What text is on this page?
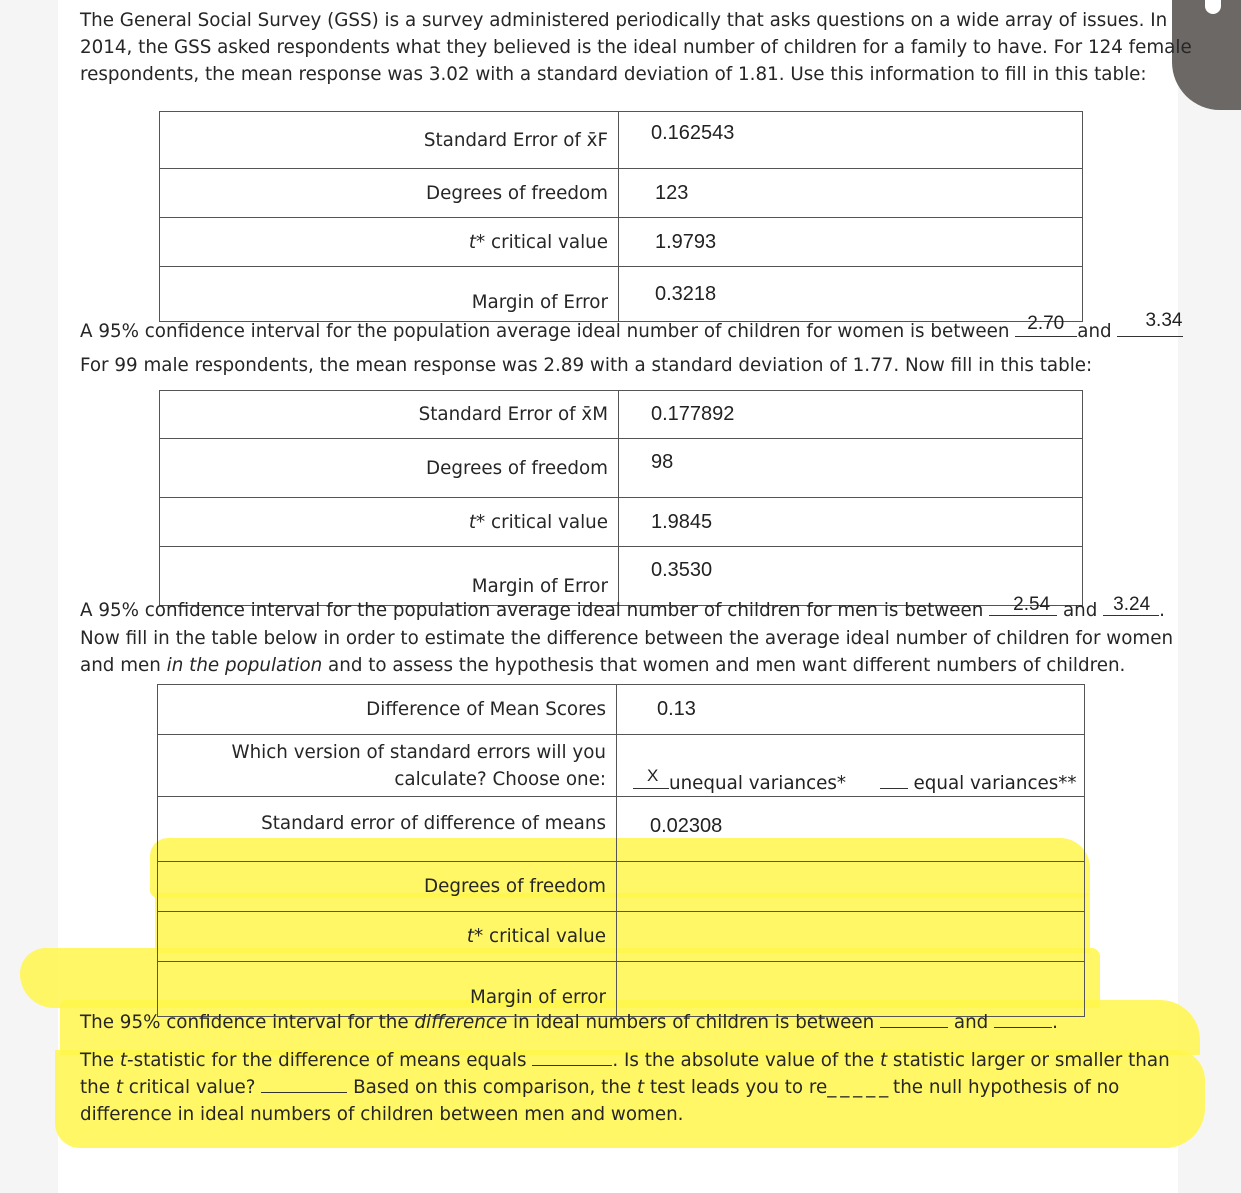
The General Social Survey (GSS) is a survey administered periodically that asks questions on a wide array of issues. In
2014, the GSS asked respondents what they believed is the ideal number of children for a family to have. For 124 female
respondents, the mean response was 3.02 with a standard deviation of 1.81. Use this information to fill in this table:
Standard Error of x̄F	0.162543
Degrees of freedom	123
t* critical value	1.9793
Margin of Error	0.3218
A 95% confidence interval for the population average ideal number of children for women is between 2.70 and
3.34
For 99 male respondents, the mean response was 2.89 with a standard deviation of 1.77. Now fill in this table:
Standard Error of x̄M	0.177892
Degrees of freedom	98
t* critical value	1.9845
Margin of Error	0.3530
A 95% confidence interval for the population average ideal number of children for men is between 2.54 and 3.24 .
Now fill in the table below in order to estimate the difference between the average ideal number of children for women
and men in the population and to assess the hypothesis that women and men want different numbers of children.
Difference of Mean Scores	0.13
Which version of standard errors will you
calculate? Choose one:	X unequal variances* equal variances**
Standard error of difference of means	0.02308
Degrees of freedom	
t* critical value	
Margin of error	
The 95% confidence interval for the difference in ideal numbers of children is between	and	.
The t-statistic for the difference of means equals	. Is the absolute value of the t statistic larger or smaller than
the t critical value?	Based on this comparison, the t test leads you to re_ _ _ _ _ the null hypothesis of no
difference in ideal numbers of children between men and women.
